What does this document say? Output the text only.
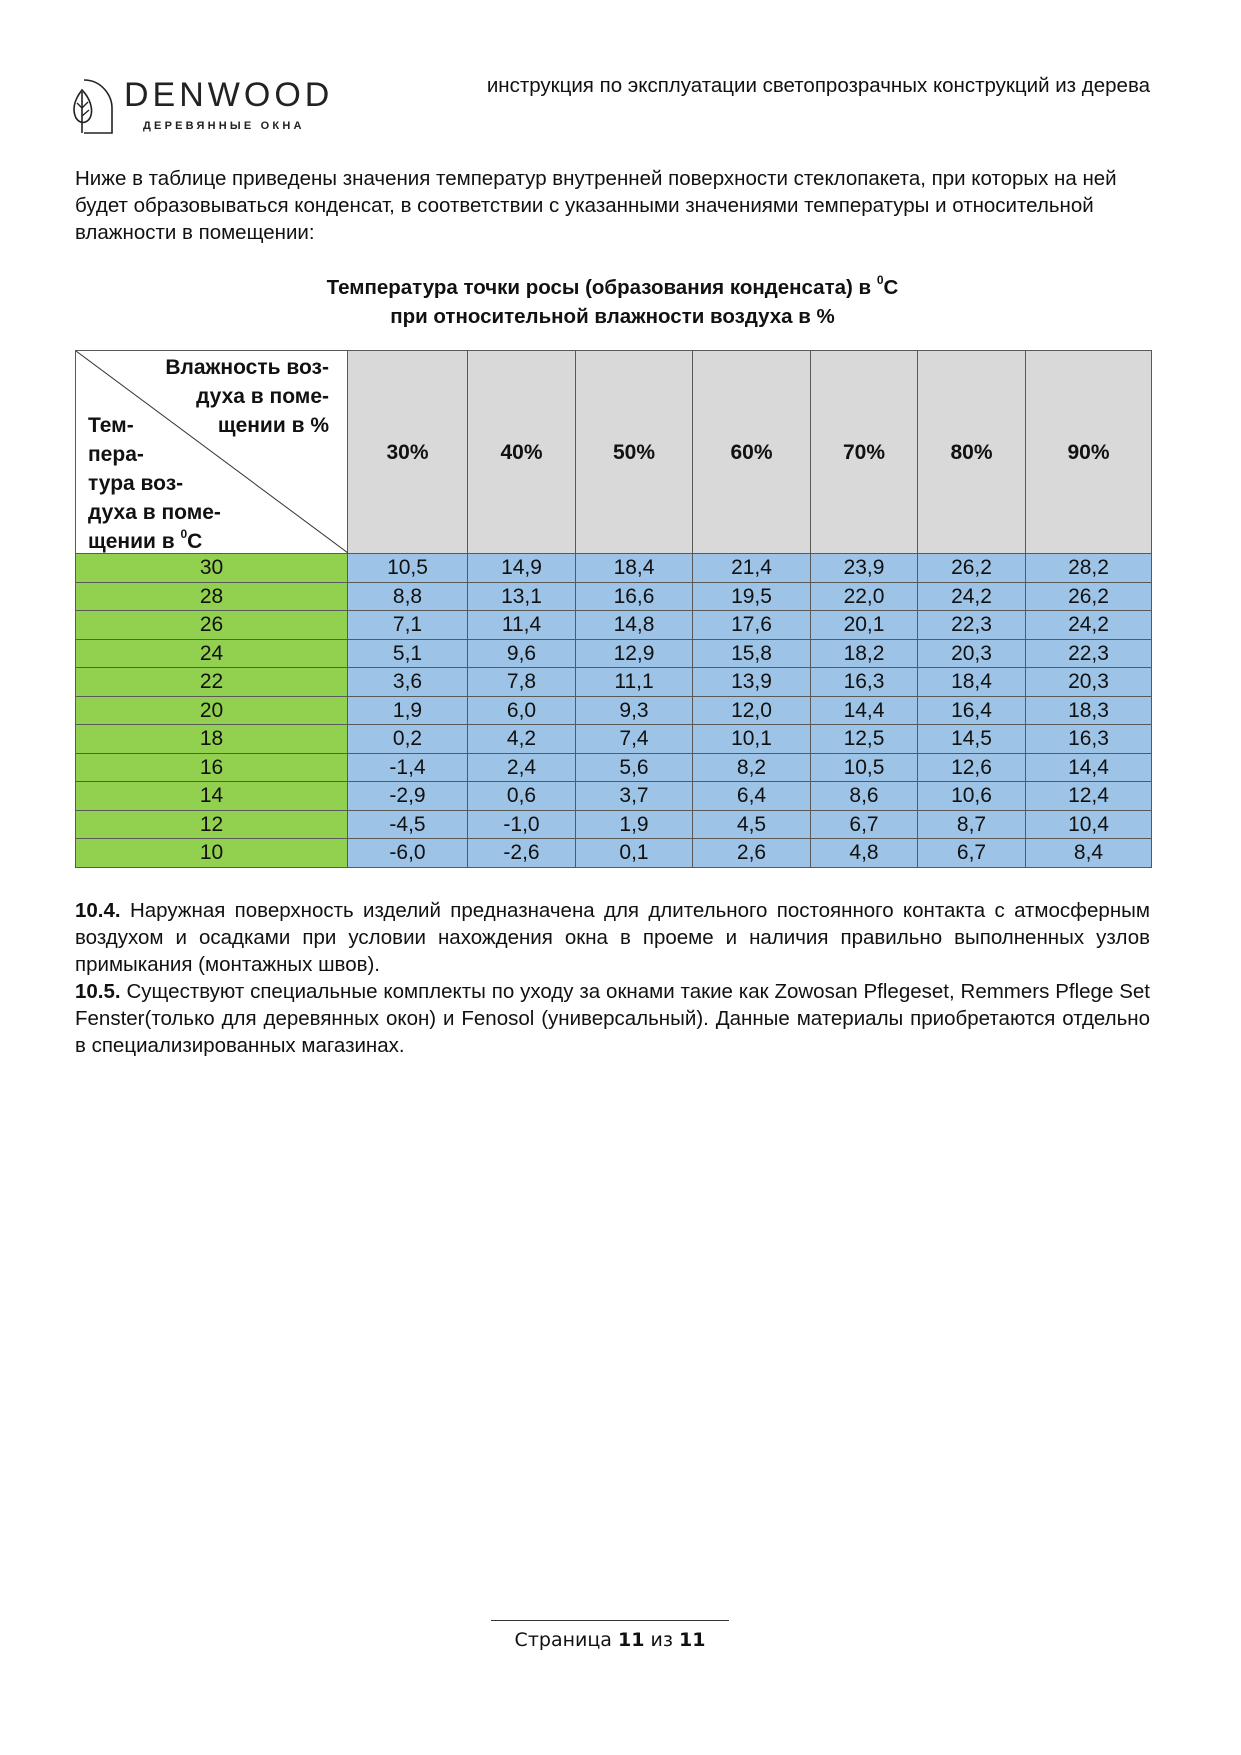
DENWOOD
ДЕРЕВЯННЫЕ ОКНА
инструкция по эксплуатации светопрозрачных конструкций из дерева

Ниже в таблице приведены значения температур внутренней поверхности стеклопакета, при которых на ней будет образовываться конденсат, в соответствии с указанными значениями температуры и относительной влажности в помещении:

Температура точки росы (образования конденсата) в $^0$С
при относительной влажности воздуха в %
Влажность воз-
духа в поме-
щении в %
Тем-
пера-
тура воз-
духа в поме-
щении в $^0$С
	30%	40%	50%	60%	70%	80%	90%
30	10,5	14,9	18,4	21,4	23,9	26,2	28,2
28	8,8	13,1	16,6	19,5	22,0	24,2	26,2
26	7,1	11,4	14,8	17,6	20,1	22,3	24,2
24	5,1	9,6	12,9	15,8	18,2	20,3	22,3
22	3,6	7,8	11,1	13,9	16,3	18,4	20,3
20	1,9	6,0	9,3	12,0	14,4	16,4	18,3
18	0,2	4,2	7,4	10,1	12,5	14,5	16,3
16	-1,4	2,4	5,6	8,2	10,5	12,6	14,4
14	-2,9	0,6	3,7	6,4	8,6	10,6	12,4
12	-4,5	-1,0	1,9	4,5	6,7	8,7	10,4
10	-6,0	-2,6	0,1	2,6	4,8	6,7	8,4

10.4. Наружная поверхность изделий предназначена для длительного постоянного контакта с атмосферным воздухом и осадками при условии нахождения окна в проеме и наличия правильно выполненных узлов примыкания (монтажных швов).

10.5. Существуют специальные комплекты по уходу за окнами такие как Zowosan Pflegeset, Remmers Pflege Set Fenster(только для деревянных окон) и Fenosol (универсальный). Данные материалы приобретаются отдельно в специализированных магазинах.

Страница 11 из 11
